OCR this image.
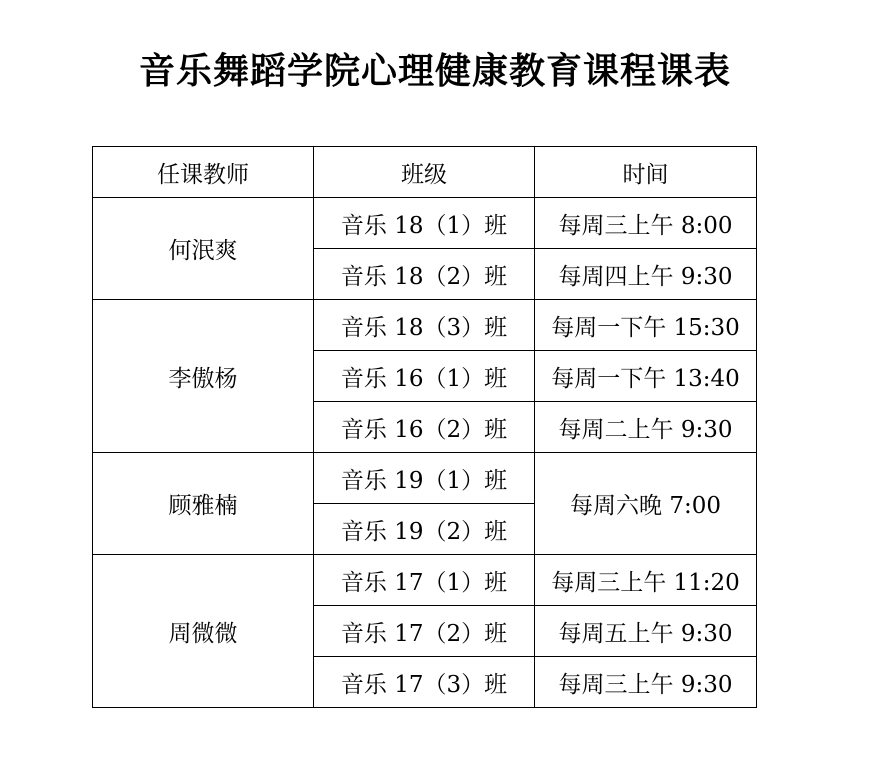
音乐舞蹈学院心理健康教育课程课表
任课教师	班级	时间
何泯爽	音乐 18（1）班	每周三上午 8:00
	音乐 18（2）班	每周四上午 9:30
李傲杨	音乐 18（3）班	每周一下午 15:30
	音乐 16（1）班	每周一下午 13:40
	音乐 16（2）班	每周二上午 9:30
顾雅楠	音乐 19（1）班	每周六晚 7:00
	音乐 19（2）班	
周微微	音乐 17（1）班	每周三上午 11:20
	音乐 17（2）班	每周五上午 9:30
	音乐 17（3）班	每周三上午 9:30
